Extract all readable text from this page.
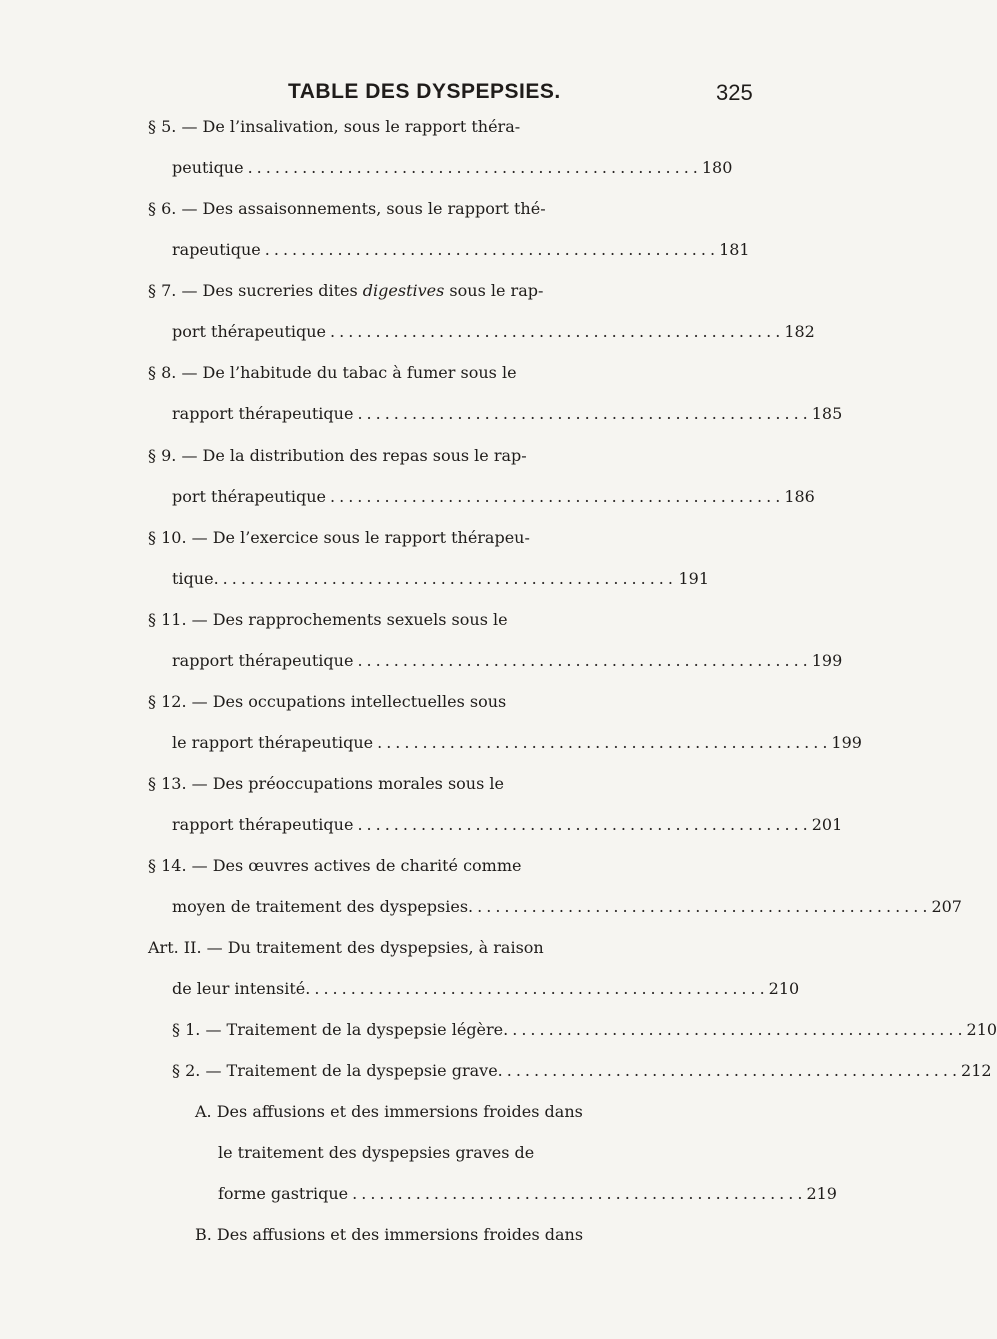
TABLE DES DYSPEPSIES.	325
§ 5. — De l’insalivation, sous le rapport théra-
peutique .................................................. 180
§ 6. — Des assaisonnements, sous le rapport thé-
rapeutique .................................................. 181
§ 7. — Des sucreries dites digestives sous le rap-
port thérapeutique .................................................. 182
§ 8. — De l’habitude du tabac à fumer sous le
rapport thérapeutique .................................................. 185
§ 9. — De la distribution des repas sous le rap-
port thérapeutique .................................................. 186
§ 10. — De l’exercice sous le rapport thérapeu-
tique. .................................................. 191
§ 11. — Des rapprochements sexuels sous le
rapport thérapeutique .................................................. 199
§ 12. — Des occupations intellectuelles sous
le rapport thérapeutique .................................................. 199
§ 13. — Des préoccupations morales sous le
rapport thérapeutique .................................................. 201
§ 14. — Des œuvres actives de charité comme
moyen de traitement des dyspepsies. .................................................. 207
Art. II. — Du traitement des dyspepsies, à raison
de leur intensité. .................................................. 210
§ 1. — Traitement de la dyspepsie légère. .................................................. 210
§ 2. — Traitement de la dyspepsie grave. .................................................. 212
A. Des affusions et des immersions froides dans
le traitement des dyspepsies graves de
forme gastrique .................................................. 219
B. Des affusions et des immersions froides dans
